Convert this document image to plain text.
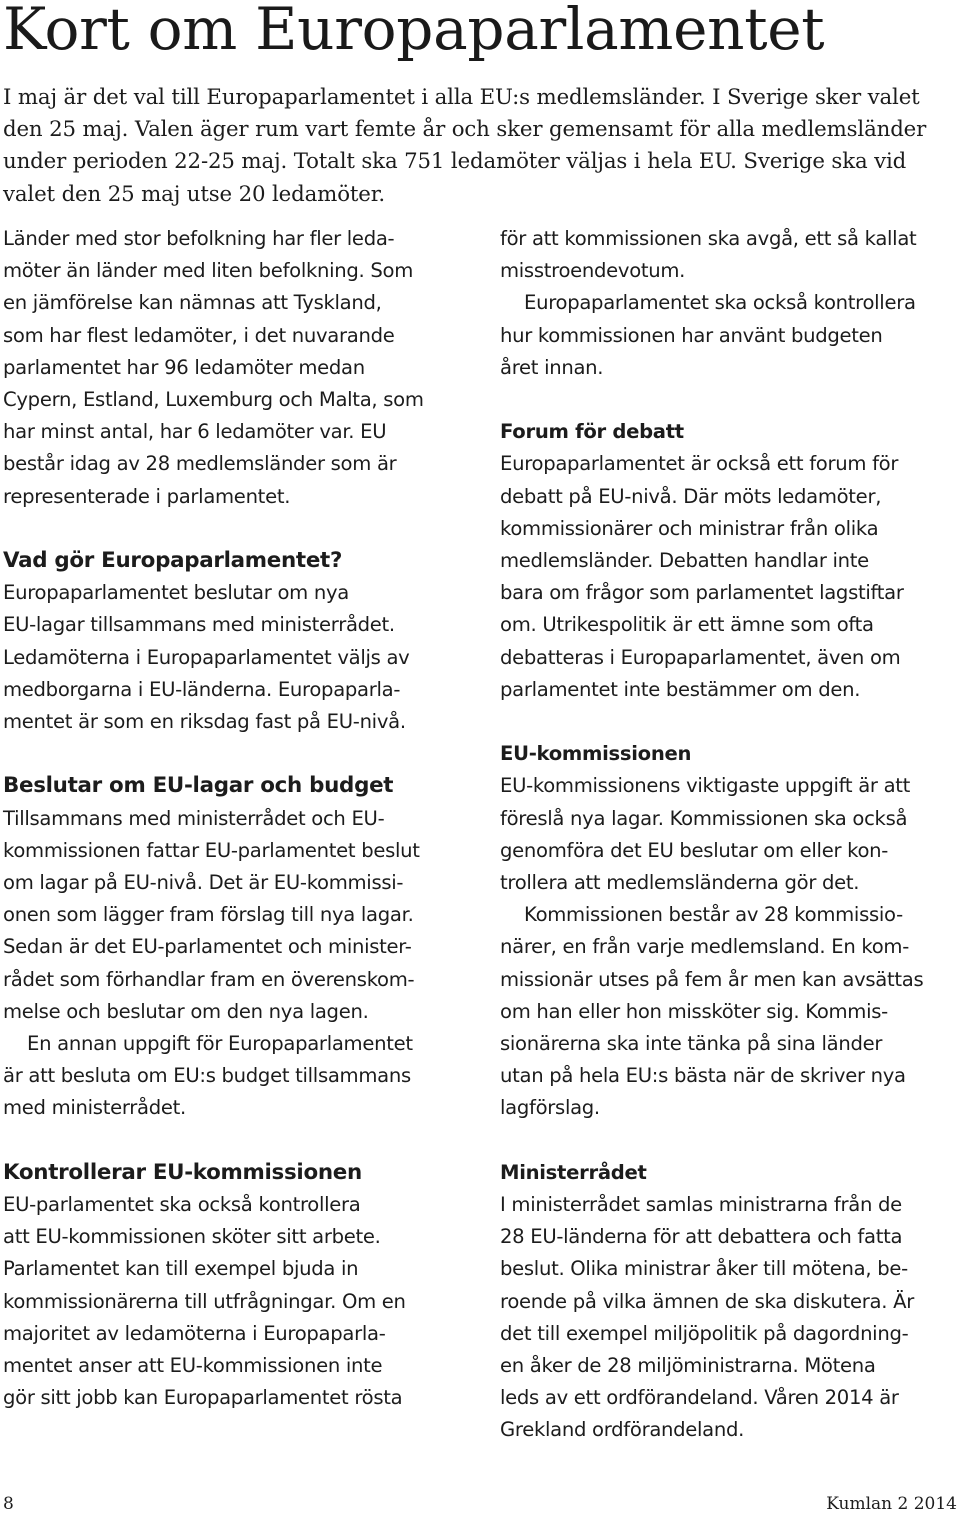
Kort om Europaparlamentet
I maj är det val till Europaparlamentet i alla EU:s medlemsländer. I Sverige sker valet
den 25 maj. Valen äger rum vart femte år och sker gemensamt för alla medlemsländer
under perioden 22-25 maj. Totalt ska 751 ledamöter väljas i hela EU. Sverige ska vid
valet den 25 maj utse 20 ledamöter.
Länder med stor befolkning har fler leda-
möter än länder med liten befolkning. Som
en jämförelse kan nämnas att Tyskland,
som har flest ledamöter, i det nuvarande
parlamentet har 96 ledamöter medan
Cypern, Estland, Luxemburg och Malta, som
har minst antal, har 6 ledamöter var. EU
består idag av 28 medlemsländer som är
representerade i parlamentet.
Vad gör Europaparlamentet?
Europaparlamentet beslutar om nya
EU-lagar tillsammans med ministerrådet.
Ledamöterna i Europaparlamentet väljs av
medborgarna i EU-länderna. Europaparla-
mentet är som en riksdag fast på EU-nivå.
Beslutar om EU-lagar och budget
Tillsammans med ministerrådet och EU-
kommissionen fattar EU-parlamentet beslut
om lagar på EU-nivå. Det är EU-kommissi-
onen som lägger fram förslag till nya lagar.
Sedan är det EU-parlamentet och minister-
rådet som förhandlar fram en överenskom-
melse och beslutar om den nya lagen.
En annan uppgift för Europaparlamentet
är att besluta om EU:s budget tillsammans
med ministerrådet.
Kontrollerar EU-kommissionen
EU-parlamentet ska också kontrollera
att EU-kommissionen sköter sitt arbete.
Parlamentet kan till exempel bjuda in
kommissionärerna till utfrågningar. Om en
majoritet av ledamöterna i Europaparla-
mentet anser att EU-kommissionen inte
gör sitt jobb kan Europaparlamentet rösta
för att kommissionen ska avgå, ett så kallat
misstroendevotum.
Europaparlamentet ska också kontrollera
hur kommissionen har använt budgeten
året innan.
Forum för debatt
Europaparlamentet är också ett forum för
debatt på EU-nivå. Där möts ledamöter,
kommissionärer och ministrar från olika
medlemsländer. Debatten handlar inte
bara om frågor som parlamentet lagstiftar
om. Utrikespolitik är ett ämne som ofta
debatteras i Europaparlamentet, även om
parlamentet inte bestämmer om den.
EU-kommissionen
EU-kommissionens viktigaste uppgift är att
föreslå nya lagar. Kommissionen ska också
genomföra det EU beslutar om eller kon-
trollera att medlemsländerna gör det.
Kommissionen består av 28 kommissio-
närer, en från varje medlemsland. En kom-
missionär utses på fem år men kan avsättas
om han eller hon missköter sig. Kommis-
sionärerna ska inte tänka på sina länder
utan på hela EU:s bästa när de skriver nya
lagförslag.
Ministerrådet
I ministerrådet samlas ministrarna från de
28 EU-länderna för att debattera och fatta
beslut. Olika ministrar åker till mötena, be-
roende på vilka ämnen de ska diskutera. Är
det till exempel miljöpolitik på dagordning-
en åker de 28 miljöministrarna. Mötena
leds av ett ordförandeland. Våren 2014 är
Grekland ordförandeland.
8	Kumlan 2 2014
